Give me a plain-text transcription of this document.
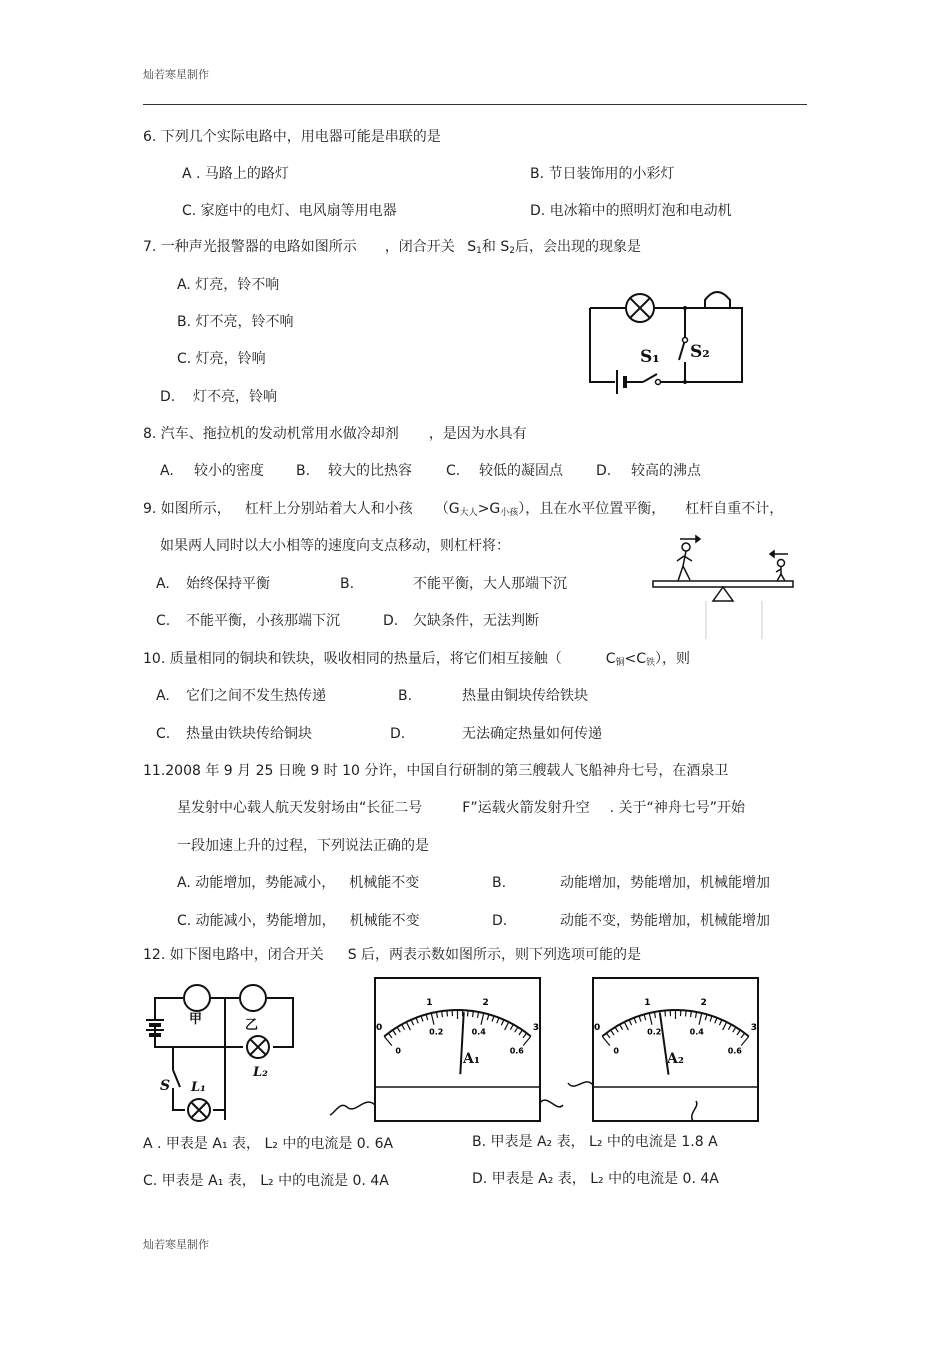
灿若寒星制作
6. 下列几个实际电路中，用电器可能是串联的是
A . 马路上的路灯	B. 节日装饰用的小彩灯
C. 家庭中的电灯、电风扇等用电器	D. 电冰箱中的照明灯泡和电动机
7. 一种声光报警器的电路如图所示 ，闭合开关 $S_1$和 $S_2$后，会出现的现象是
A. 灯亮，铃不响
B. 灯不亮，铃不响
C. 灯亮，铃响
D. 灯不亮，铃响
S₁ S₂
8. 汽车、拖拉机的发动机常用水做冷却剂 ，是因为水具有
A. 较小的密度 B. 较大的比热容 C. 较低的凝固点 D. 较高的沸点
9. 如图所示， 杠杆上分别站着大人和小孩 $(G_{大人}>G_{小孩})$，且在水平位置平衡， 杠杆自重不计，
如果两人同时以大小相等的速度向支点移动，则杠杆将：
A. 始终保持平衡	B.	不能平衡，大人那端下沉
C. 不能平衡，小孩那端下沉	D. 欠缺条件，无法判断
10. 质量相同的铜块和铁块，吸收相同的热量后，将它们相互接触（	$C_铜<C_铁$），则
A. 它们之间不发生热传递	B.	热量由铜块传给铁块
C. 热量由铁块传给铜块	D.	无法确定热量如何传递
11.2008 年 9 月 25 日晚 9 时 10 分许，中国自行研制的第三艘载人飞船神舟七号，在酒泉卫
星发射中心载人航天发射场由“长征二号	F”运载火箭发射升空 . 关于“神舟七号”开始
一段加速上升的过程，下列说法正确的是
A. 动能增加，势能减小， 机械能不变	B.	动能增加，势能增加，机械能增加
C. 动能减小，势能增加， 机械能不变	D.	动能不变，势能增加，机械能增加
12. 如下图电路中，闭合开关 S 后，两表示数如图所示，则下列选项可能的是
甲	乙
S L₁
L₂
0
1	2
3
0
0.2	0.4
0.6
A₁
0
1	2
3
0
0.2	0.4
0.6
A₂
A . 甲表是 A₁ 表， L₂ 中的电流是 0. 6A	B. 甲表是 A₂ 表， L₂ 中的电流是 1.8 A
C. 甲表是 A₁ 表， L₂ 中的电流是 0. 4A	D. 甲表是 A₂ 表， L₂ 中的电流是 0. 4A
灿若寒星制作
